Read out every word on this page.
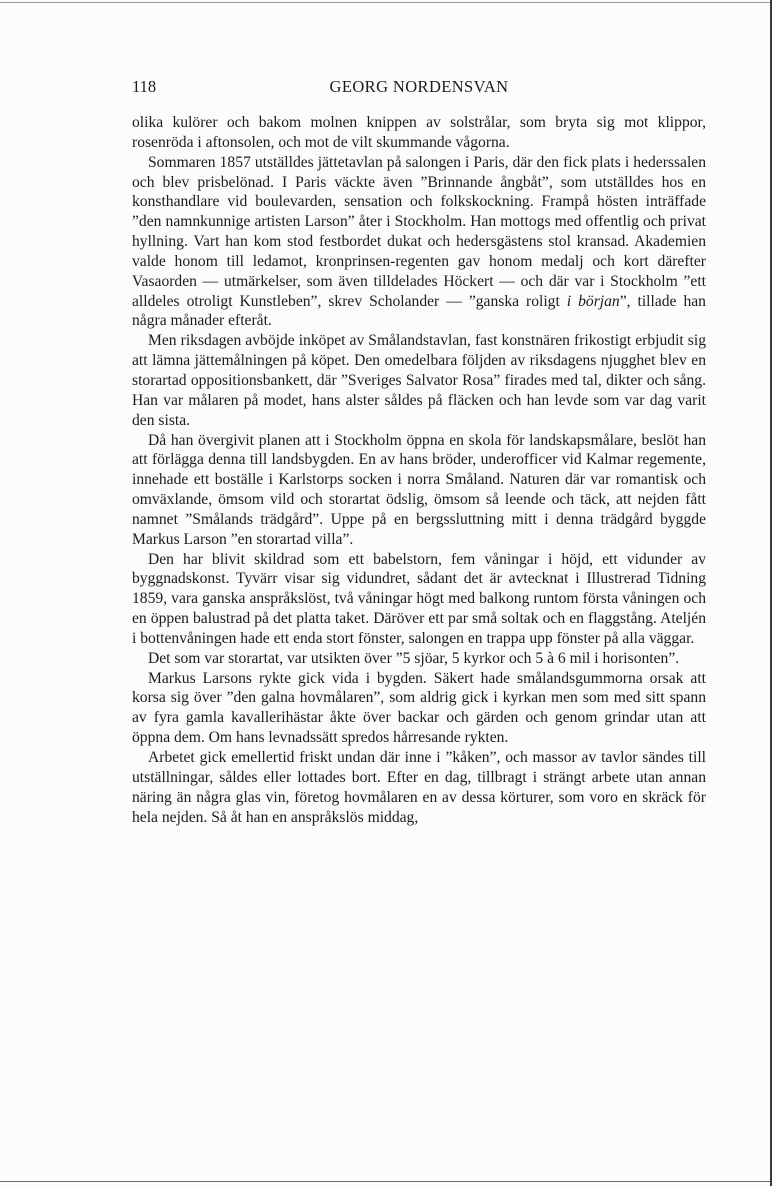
118	GEORG NORDENSVAN

olika kulörer och bakom molnen knippen av solstrålar, som bryta sig mot klippor, rosenröda i aftonsolen, och mot de vilt skummande vågorna.

Sommaren 1857 utställdes jättetavlan på salongen i Paris, där den fick plats i hederssalen och blev prisbelönad. I Paris väckte även ”Brinnande ångbåt”, som utställdes hos en konsthandlare vid boulevarden, sensation och folkskockning. Frampå hösten inträffade ”den namnkunnige artisten Larson” åter i Stockholm. Han mottogs med offentlig och privat hyllning. Vart han kom stod festbordet dukat och hedersgästens stol kransad. Akademien valde honom till ledamot, kronprinsen-regenten gav honom medalj och kort därefter Vasaorden — utmärkelser, som även tilldelades Höckert — och där var i Stockholm ”ett alldeles otroligt Kunstleben”, skrev Scholander — ”ganska roligt i början”, tillade han några månader efteråt.

Men riksdagen avböjde inköpet av Smålandstavlan, fast konstnären frikostigt erbjudit sig att lämna jättemålningen på köpet. Den omedelbara följden av riksdagens njugghet blev en storartad oppositionsbankett, där ”Sveriges Salvator Rosa” firades med tal, dikter och sång. Han var målaren på modet, hans alster såldes på fläcken och han levde som var dag varit den sista.

Då han övergivit planen att i Stockholm öppna en skola för landskapsmålare, beslöt han att förlägga denna till landsbygden. En av hans bröder, underofficer vid Kalmar regemente, innehade ett boställe i Karlstorps socken i norra Småland. Naturen där var romantisk och omväxlande, ömsom vild och storartat ödslig, ömsom så leende och täck, att nejden fått namnet ”Smålands trädgård”. Uppe på en bergssluttning mitt i denna trädgård byggde Markus Larson ”en storartad villa”.

Den har blivit skildrad som ett babelstorn, fem våningar i höjd, ett vidunder av byggnadskonst. Tyvärr visar sig vidundret, sådant det är avtecknat i Illustrerad Tidning 1859, vara ganska anspråkslöst, två våningar högt med balkong runtom första våningen och en öppen balustrad på det platta taket. Däröver ett par små soltak och en flaggstång. Ateljén i bottenvåningen hade ett enda stort fönster, salongen en trappa upp fönster på alla väggar.

Det som var storartat, var utsikten över ”5 sjöar, 5 kyrkor och 5 à 6 mil i horisonten”.

Markus Larsons rykte gick vida i bygden. Säkert hade smålandsgummorna orsak att korsa sig över ”den galna hovmålaren”, som aldrig gick i kyrkan men som med sitt spann av fyra gamla kavallerihästar åkte över backar och gärden och genom grindar utan att öppna dem. Om hans levnadssätt spredos hårresande rykten.

Arbetet gick emellertid friskt undan där inne i ”kåken”, och massor av tavlor sändes till utställningar, såldes eller lottades bort. Efter en dag, tillbragt i strängt arbete utan annan näring än några glas vin, företog hovmålaren en av dessa körturer, som voro en skräck för hela nejden. Så åt han en anspråkslös middag,
